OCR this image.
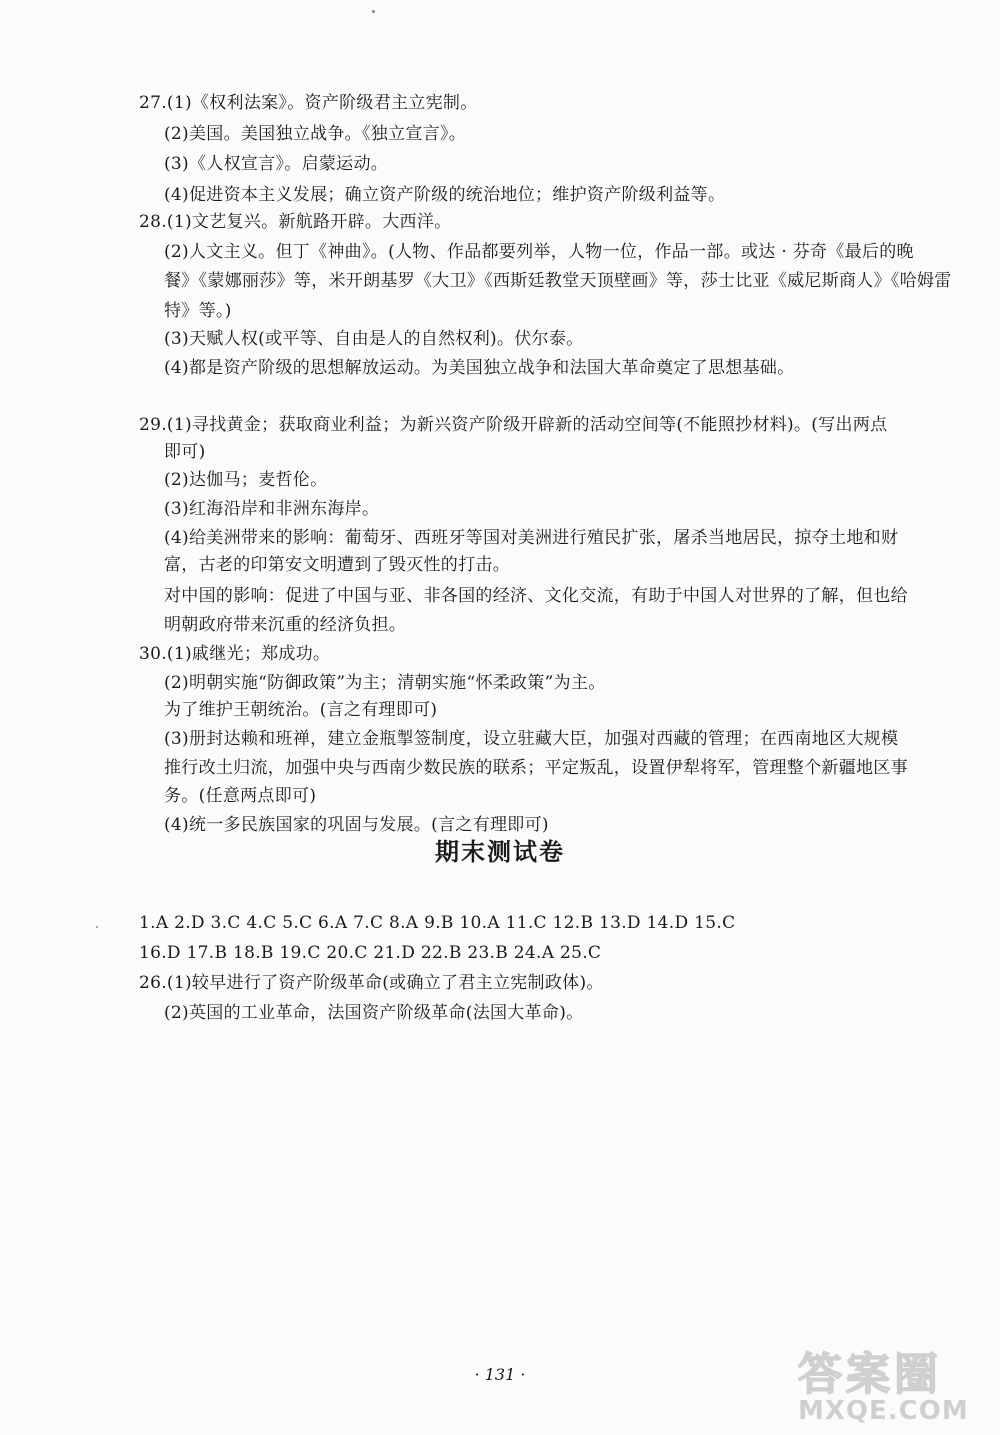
27.(1)《权利法案》。资产阶级君主立宪制。
(2)美国。美国独立战争。《独立宣言》。
(3)《人权宣言》。启蒙运动。
(4)促进资本主义发展；确立资产阶级的统治地位；维护资产阶级利益等。
28.(1)文艺复兴。新航路开辟。大西洋。
(2)人文主义。但丁《神曲》。(人物、作品都要列举，人物一位，作品一部。或达 · 芬奇《最后的晚
餐》《蒙娜丽莎》等，米开朗基罗《大卫》《西斯廷教堂天顶壁画》等，莎士比亚《威尼斯商人》《哈姆雷
特》等。)
(3)天赋人权(或平等、自由是人的自然权利)。伏尔泰。
(4)都是资产阶级的思想解放运动。为美国独立战争和法国大革命奠定了思想基础。
29.(1)寻找黄金；获取商业利益；为新兴资产阶级开辟新的活动空间等(不能照抄材料)。(写出两点
即可)
(2)达伽马；麦哲伦。
(3)红海沿岸和非洲东海岸。
(4)给美洲带来的影响：葡萄牙、西班牙等国对美洲进行殖民扩张，屠杀当地居民，掠夺土地和财
富，古老的印第安文明遭到了毁灭性的打击。
对中国的影响：促进了中国与亚、非各国的经济、文化交流，有助于中国人对世界的了解，但也给
明朝政府带来沉重的经济负担。
30.(1)戚继光；郑成功。
(2)明朝实施“防御政策”为主；清朝实施“怀柔政策”为主。
为了维护王朝统治。(言之有理即可)
(3)册封达赖和班禅，建立金瓶掣签制度，设立驻藏大臣，加强对西藏的管理；在西南地区大规模
推行改土归流，加强中央与西南少数民族的联系；平定叛乱，设置伊犁将军，管理整个新疆地区事
务。(任意两点即可)
(4)统一多民族国家的巩固与发展。(言之有理即可)
期末测试卷
1.A 2.D 3.C 4.C 5.C 6.A 7.C 8.A 9.B 10.A 11.C 12.B 13.D 14.D 15.C
16.D 17.B 18.B 19.C 20.C 21.D 22.B 23.B 24.A 25.C
26.(1)较早进行了资产阶级革命(或确立了君主立宪制政体)。
(2)英国的工业革命，法国资产阶级革命(法国大革命)。
· 131 ·	答案圈
MXQE.COM
